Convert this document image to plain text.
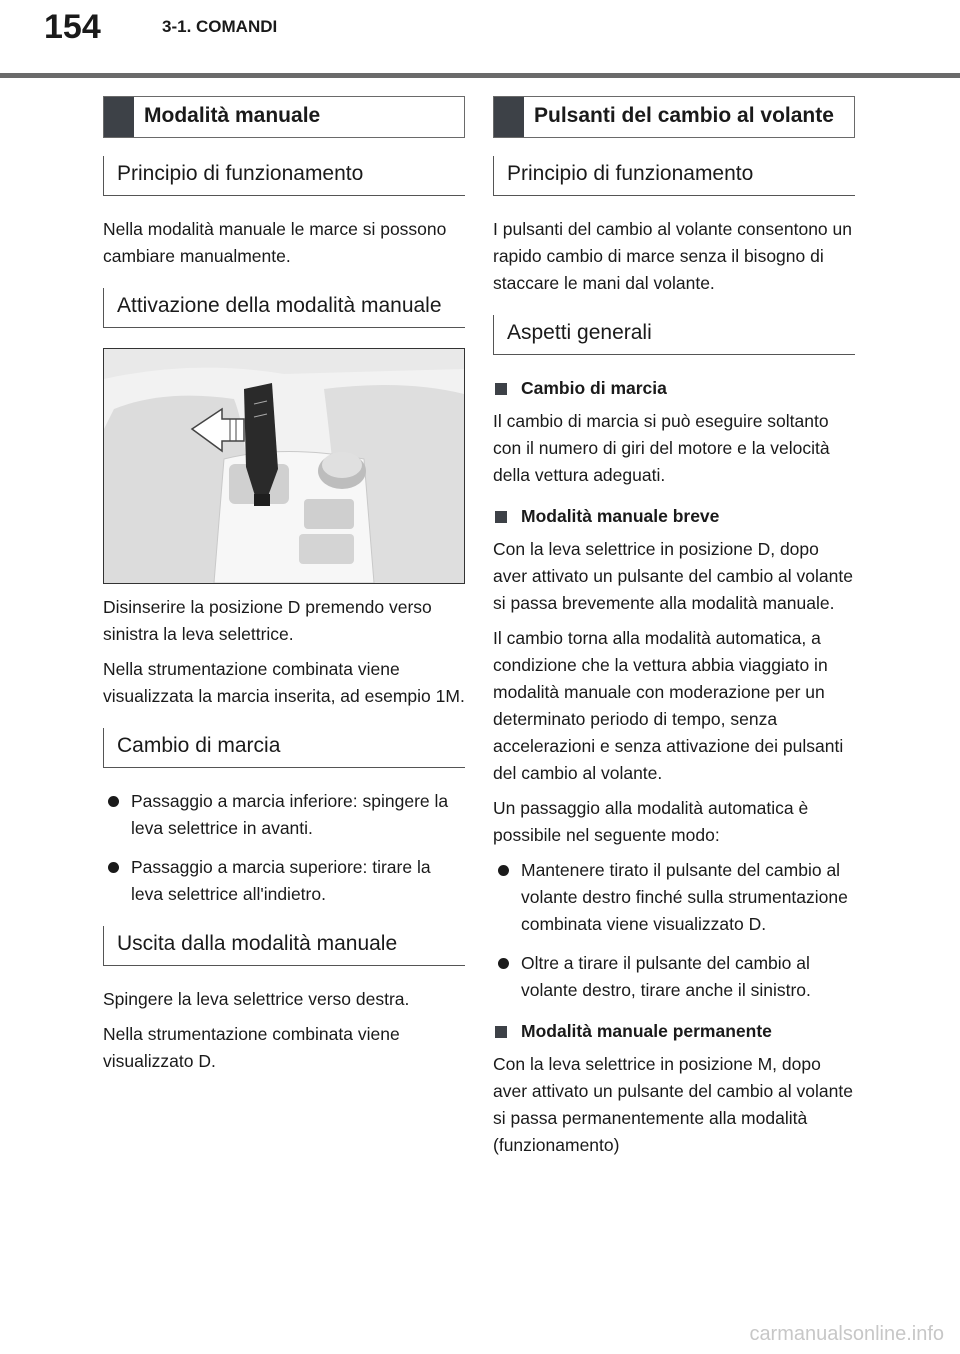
154	3-1. COMANDI
Modalità manuale
Principio di funzionamento

Nella modalità manuale le marce si possono cambiare manualmente.

Attivazione della modalità manuale

Disinserire la posizione D premendo verso sinistra la leva selettrice.

Nella strumentazione combinata viene visualizzata la marcia inserita, ad esempio 1M.

Cambio di marcia
Passaggio a marcia inferiore: spingere la leva selettrice in avanti.
Passaggio a marcia superiore: tirare la leva selettrice all'indietro.
Uscita dalla modalità manuale

Spingere la leva selettrice verso destra.

Nella strumentazione combinata viene visualizzato D.

Pulsanti del cambio al volante
Principio di funzionamento

I pulsanti del cambio al volante consentono un rapido cambio di marce senza il bisogno di staccare le mani dal volante.

Aspetti generali
Cambio di marcia

Il cambio di marcia si può eseguire soltanto con il numero di giri del motore e la velocità della vettura adeguati.

Modalità manuale breve

Con la leva selettrice in posizione D, dopo aver attivato un pulsante del cambio al volante si passa brevemente alla modalità manuale.

Il cambio torna alla modalità automatica, a condizione che la vettura abbia viaggiato in modalità manuale con moderazione per un determinato periodo di tempo, senza accelerazioni e senza attivazione dei pulsanti del cambio al volante.

Un passaggio alla modalità automatica è possibile nel seguente modo:

Mantenere tirato il pulsante del cambio al volante destro finché sulla strumentazione combinata viene visualizzato D.
Oltre a tirare il pulsante del cambio al volante destro, tirare anche il sinistro.
Modalità manuale permanente

Con la leva selettrice in posizione M, dopo aver attivato un pulsante del cambio al volante si passa permanentemente alla modalità (funzionamento)

carmanualsonline.info
